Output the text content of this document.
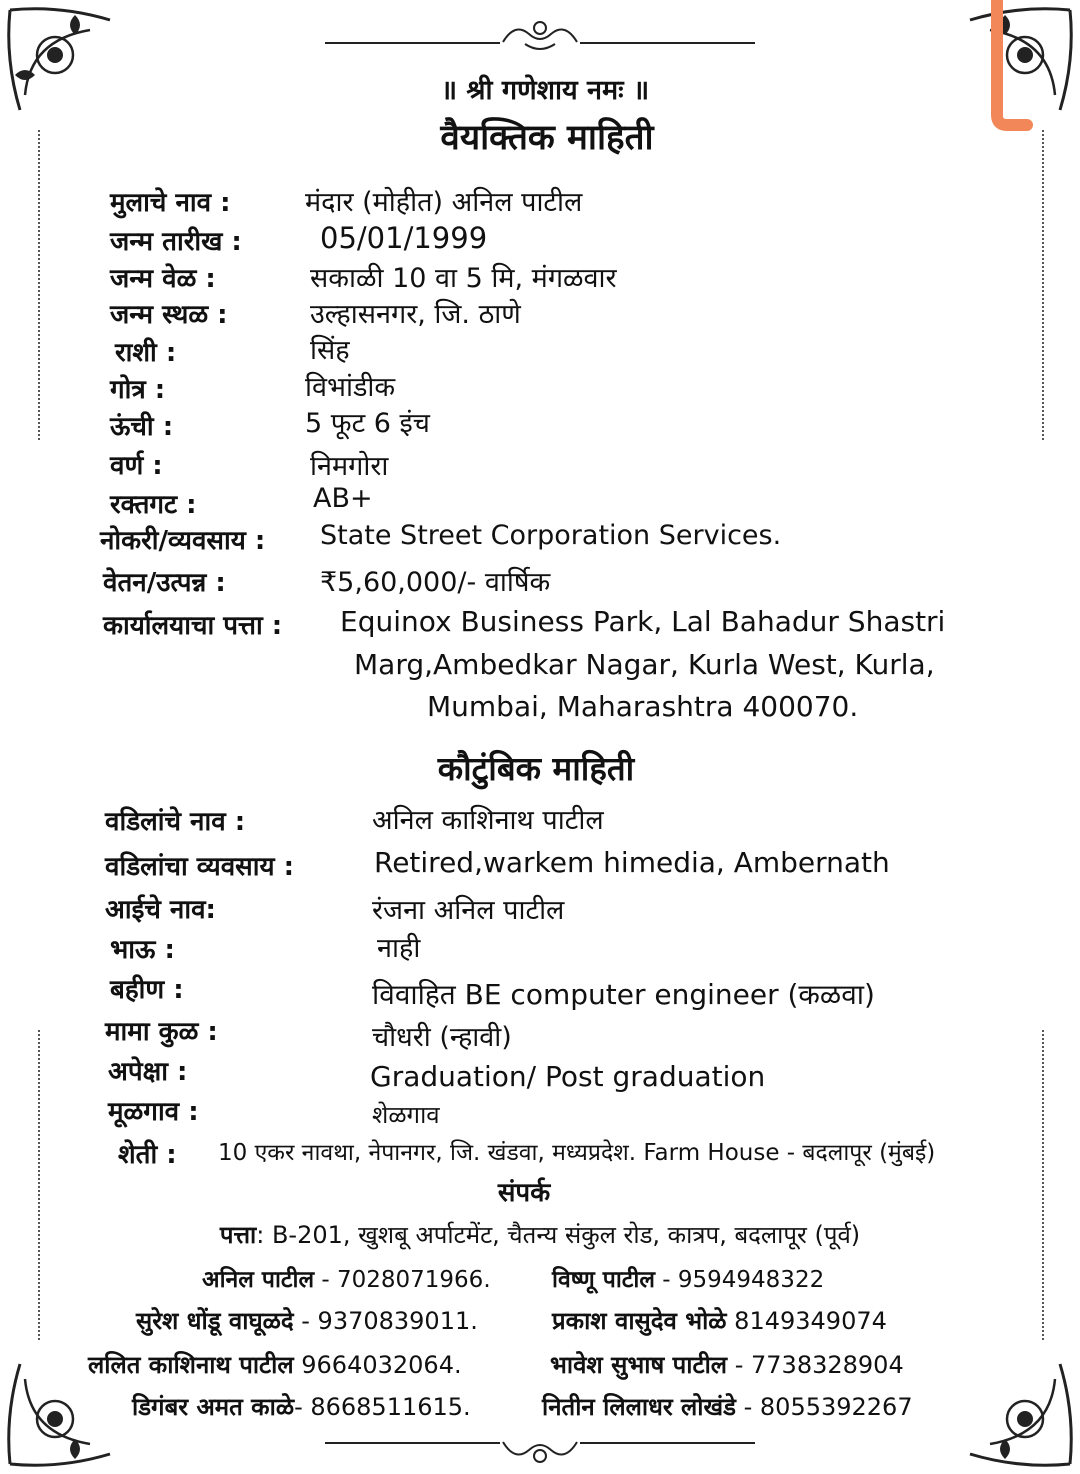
॥ श्री गणेशाय नमः ॥
वैयक्तिक माहिती
मुलाचे नाव :	मंदार (मोहीत) अनिल पाटील
जन्म तारीख :	05/01/1999
जन्म वेळ :	सकाळी 10 वा 5 मि, मंगळवार
जन्म स्थळ :	उल्हासनगर, जि. ठाणे
राशी :	सिंह
गोत्र :	विभांडीक
ऊंची :	5 फूट 6 इंच
वर्ण :	निमगोरा
रक्तगट :	AB+
नोकरी/व्यवसाय : State Street Corporation Services.
वेतन/उत्पन्न :	₹5,60,000/- वार्षिक
कार्यालयाचा पत्ता : Equinox Business Park, Lal Bahadur Shastri
Marg,Ambedkar Nagar, Kurla West, Kurla,
Mumbai, Maharashtra 400070.
कौटुंबिक माहिती
वडिलांचे नाव :	अनिल काशिनाथ पाटील
वडिलांचा व्यवसाय :	Retired,warkem himedia, Ambernath
आईचे नाव:	रंजना अनिल पाटील
भाऊ :	नाही
बहीण :	विवाहित BE computer engineer (कळवा)
मामा कुळ :	चौधरी (न्हावी)
अपेक्षा :	Graduation/ Post graduation
मूळगाव :	शेळगाव
शेती : 10 एकर नावथा, नेपानगर, जि. खंडवा, मध्यप्रदेश. Farm House - बदलापूर (मुंबई)
संपर्क
पत्ता: B-201, खुशबू अर्पाटमेंट, चैतन्य संकुल रोड, कात्रप, बदलापूर (पूर्व)
अनिल पाटील - 7028071966.	विष्णू पाटील - 9594948322
सुरेश धोंडू वाघूळदे - 9370839011.	प्रकाश वासुदेव भोळे 8149349074
ललित काशिनाथ पाटील 9664032064.	भावेश सुभाष पाटील - 7738328904
डिगंबर अमत काळे- 8668511615.	नितीन लिलाधर लोखंडे - 8055392267
